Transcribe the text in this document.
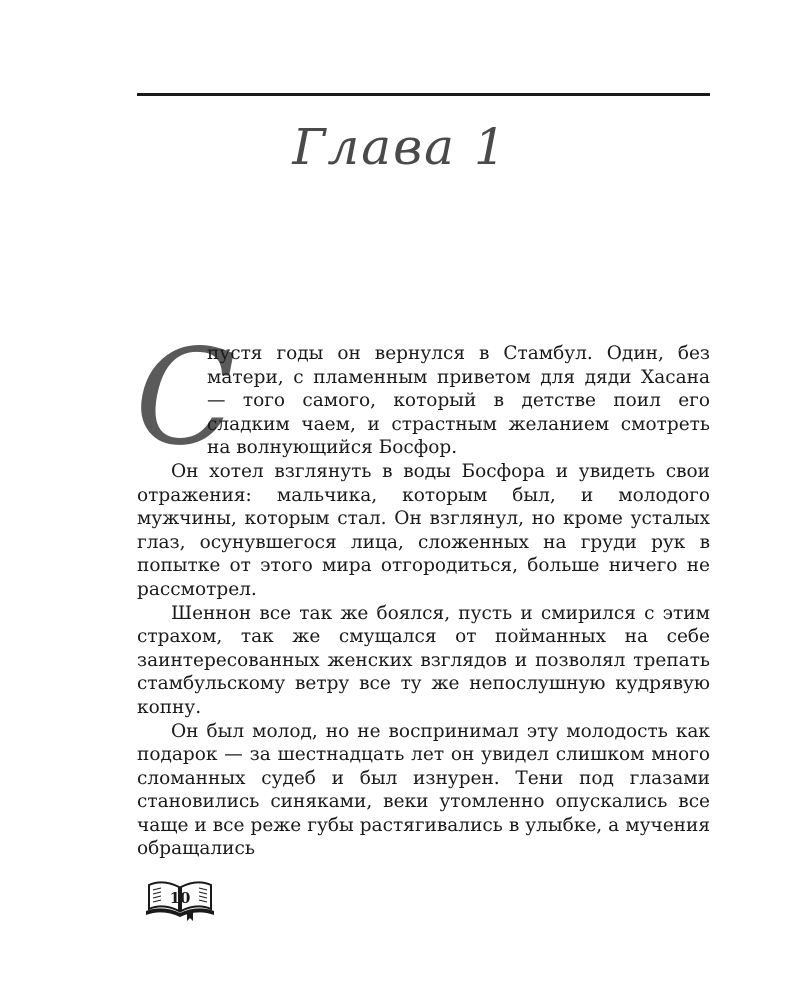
Глава 1
С

пустя годы он вернулся в Стамбул. Один, без матери, с пламенным приветом для дяди Хасана — того самого, который в детстве поил его сладким чаем, и страстным желанием смотреть на волнующийся Босфор.

Он хотел взглянуть в воды Босфора и увидеть свои отражения: мальчика, которым был, и молодого мужчины, которым стал. Он взглянул, но кроме усталых глаз, осунувшегося лица, сложенных на груди рук в попытке от этого мира отгородиться, больше ничего не рассмотрел.

Шеннон все так же боялся, пусть и смирился с этим страхом, так же смущался от пойманных на себе заинтересованных женских взглядов и позволял трепать стамбульскому ветру все ту же непослушную кудрявую копну.

Он был молод, но не воспринимал эту молодость как подарок — за шестнадцать лет он увидел слишком много сломанных судеб и был изнурен. Тени под глазами становились синяками, веки утомленно опускались все чаще и все реже губы растягивались в улыбке, а мучения обращались

10
